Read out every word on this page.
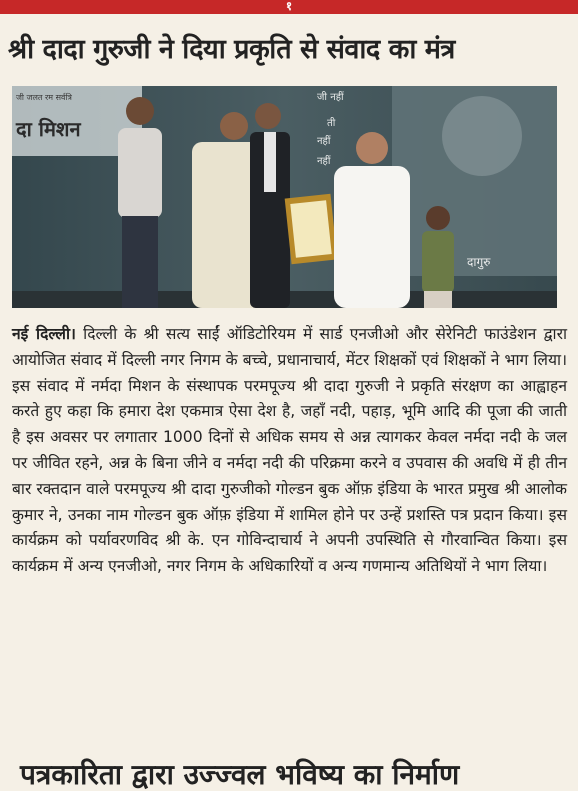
१
श्री दादा गुरुजी ने दिया प्रकृति से संवाद का मंत्र
जी जलत रम सर्वत्रि
दा मिशन
जी नहीं
ती
नहीं
नहीं
दागुरु

नई दिल्ली। दिल्ली के श्री सत्य साईं ऑडिटोरियम में सार्ड एनजीओ और सेरेनिटी फाउंडेशन द्वारा आयोजित संवाद में दिल्ली नगर निगम के बच्चे, प्रधानाचार्य, मेंटर शिक्षकों एवं शिक्षकों ने भाग लिया। इस संवाद में नर्मदा मिशन के संस्थापक परमपूज्य श्री दादा गुरुजी ने प्रकृति संरक्षण का आह्वाहन करते हुए कहा कि हमारा देश एकमात्र ऐसा देश है, जहाँ नदी, पहाड़, भूमि आदि की पूजा की जाती है इस अवसर पर लगातार 1000 दिनों से अधिक समय से अन्न त्यागकर केवल नर्मदा नदी के जल पर जीवित रहने, अन्न के बिना जीने व नर्मदा नदी की परिक्रमा करने व उपवास की अवधि में ही तीन बार रक्तदान वाले परमपूज्य श्री दादा गुरुजीको गोल्डन बुक ऑफ़ इंडिया के भारत प्रमुख श्री आलोक कुमार ने, उनका नाम गोल्डन बुक ऑफ़ इंडिया में शामिल होने पर उन्हें प्रशस्ति पत्र प्रदान किया। इस कार्यक्रम को पर्यावरणविद श्री के. एन गोविन्दाचार्य ने अपनी उपस्थिति से गौरवान्वित किया। इस कार्यक्रम में अन्य एनजीओ, नगर निगम के अधिकारियों व अन्य गणमान्य अतिथियों ने भाग लिया।

पत्रकारिता द्वारा उज्ज्वल भविष्य का निर्माण
